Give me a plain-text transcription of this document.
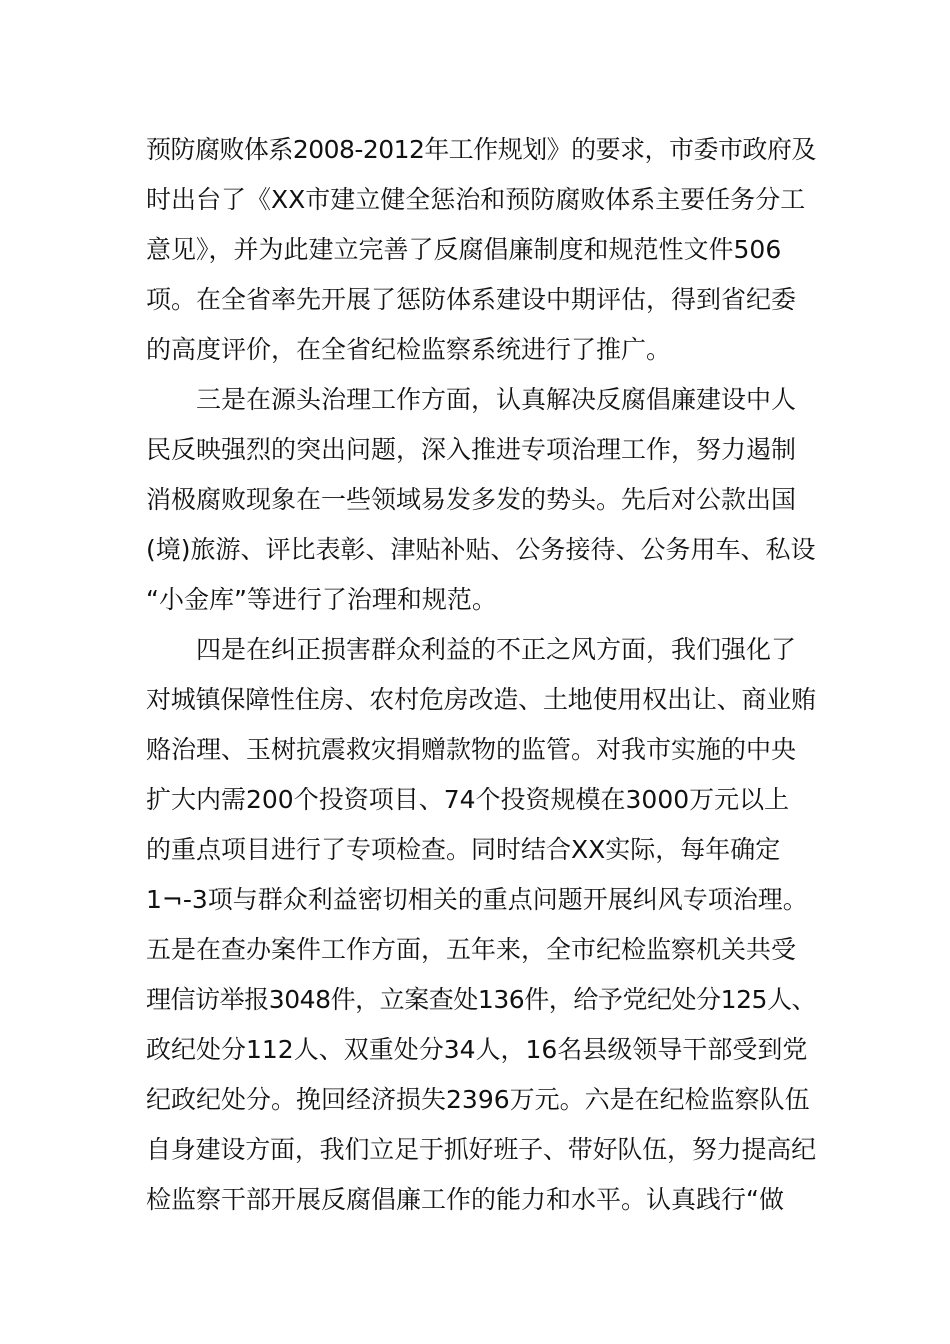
预防腐败体系2008-2012年工作规划》的要求，市委市政府及
时出台了《XX市建立健全惩治和预防腐败体系主要任务分工
意见》，并为此建立完善了反腐倡廉制度和规范性文件506
项。在全省率先开展了惩防体系建设中期评估，得到省纪委
的高度评价，在全省纪检监察系统进行了推广。
三是在源头治理工作方面，认真解决反腐倡廉建设中人
民反映强烈的突出问题，深入推进专项治理工作，努力遏制
消极腐败现象在一些领域易发多发的势头。先后对公款出国
(境)旅游、评比表彰、津贴补贴、公务接待、公务用车、私设
“小金库”等进行了治理和规范。
四是在纠正损害群众利益的不正之风方面，我们强化了
对城镇保障性住房、农村危房改造、土地使用权出让、商业贿
赂治理、玉树抗震救灾捐赠款物的监管。对我市实施的中央
扩大内需200个投资项目、74个投资规模在3000万元以上
的重点项目进行了专项检查。同时结合XX实际，每年确定
1¬-3项与群众利益密切相关的重点问题开展纠风专项治理。
五是在查办案件工作方面，五年来，全市纪检监察机关共受
理信访举报3048件，立案查处136件，给予党纪处分125人、
政纪处分112人、双重处分34人，16名县级领导干部受到党
纪政纪处分。挽回经济损失2396万元。六是在纪检监察队伍
自身建设方面，我们立足于抓好班子、带好队伍，努力提高纪
检监察干部开展反腐倡廉工作的能力和水平。认真践行“做
